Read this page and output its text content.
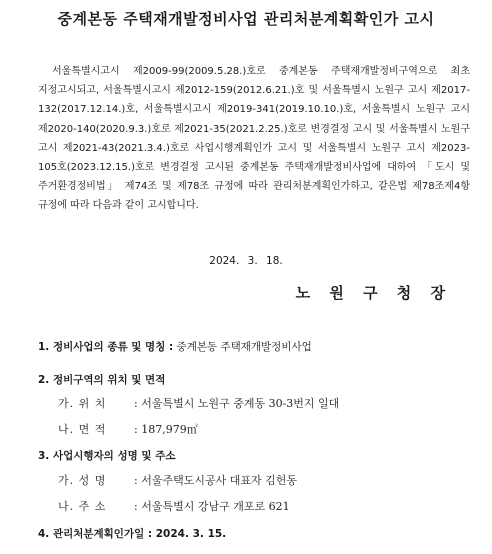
중계본동 주택재개발정비사업 관리처분계획확인가 고시
서울특별시고시 제2009-99(2009.5.28.)호로 중계본동 주택재개발정비구역으로 최초 지정고시되고, 서울특별시고시 제2012-159(2012.6.21.)호 및 서울특별시 노원구 고시 제2017-132(2017.12.14.)호, 서울특별시고시 제2019-341(2019.10.10.)호, 서울특별시 노원구 고시 제2020-140(2020.9.3.)호로 제2021-35(2021.2.25.)호로 변경결정 고시 및 서울특별시 노원구 고시 제2021-43(2021.3.4.)호로 사업시행계획인가 고시 및 서울특별시 노원구 고시 제2023-105호(2023.12.15.)호로 변경결정 고시된 중계본동 주택재개발정비사업에 대하여 「도시 및 주거환경정비법」 제74조 및 제78조 규정에 따라 관리처분계획인가하고, 같은법 제78조제4항 규정에 따라 다음과 같이 고시합니다.
2024. 3. 18.
노 원 구 청 장
1. 정비사업의 종류 및 명칭 : 중계본동 주택재개발정비사업
2. 정비구역의 위치 및 면적
가. 위 치	: 서울특별시 노원구 중계동 30-3번지 일대
나. 면 적	: 187,979㎡
3. 사업시행자의 성명 및 주소
가. 성 명	: 서울주택도시공사 대표자 김헌동
나. 주 소	: 서울특별시 강남구 개포로 621
4. 관리처분계획인가일 : 2024. 3. 15.
